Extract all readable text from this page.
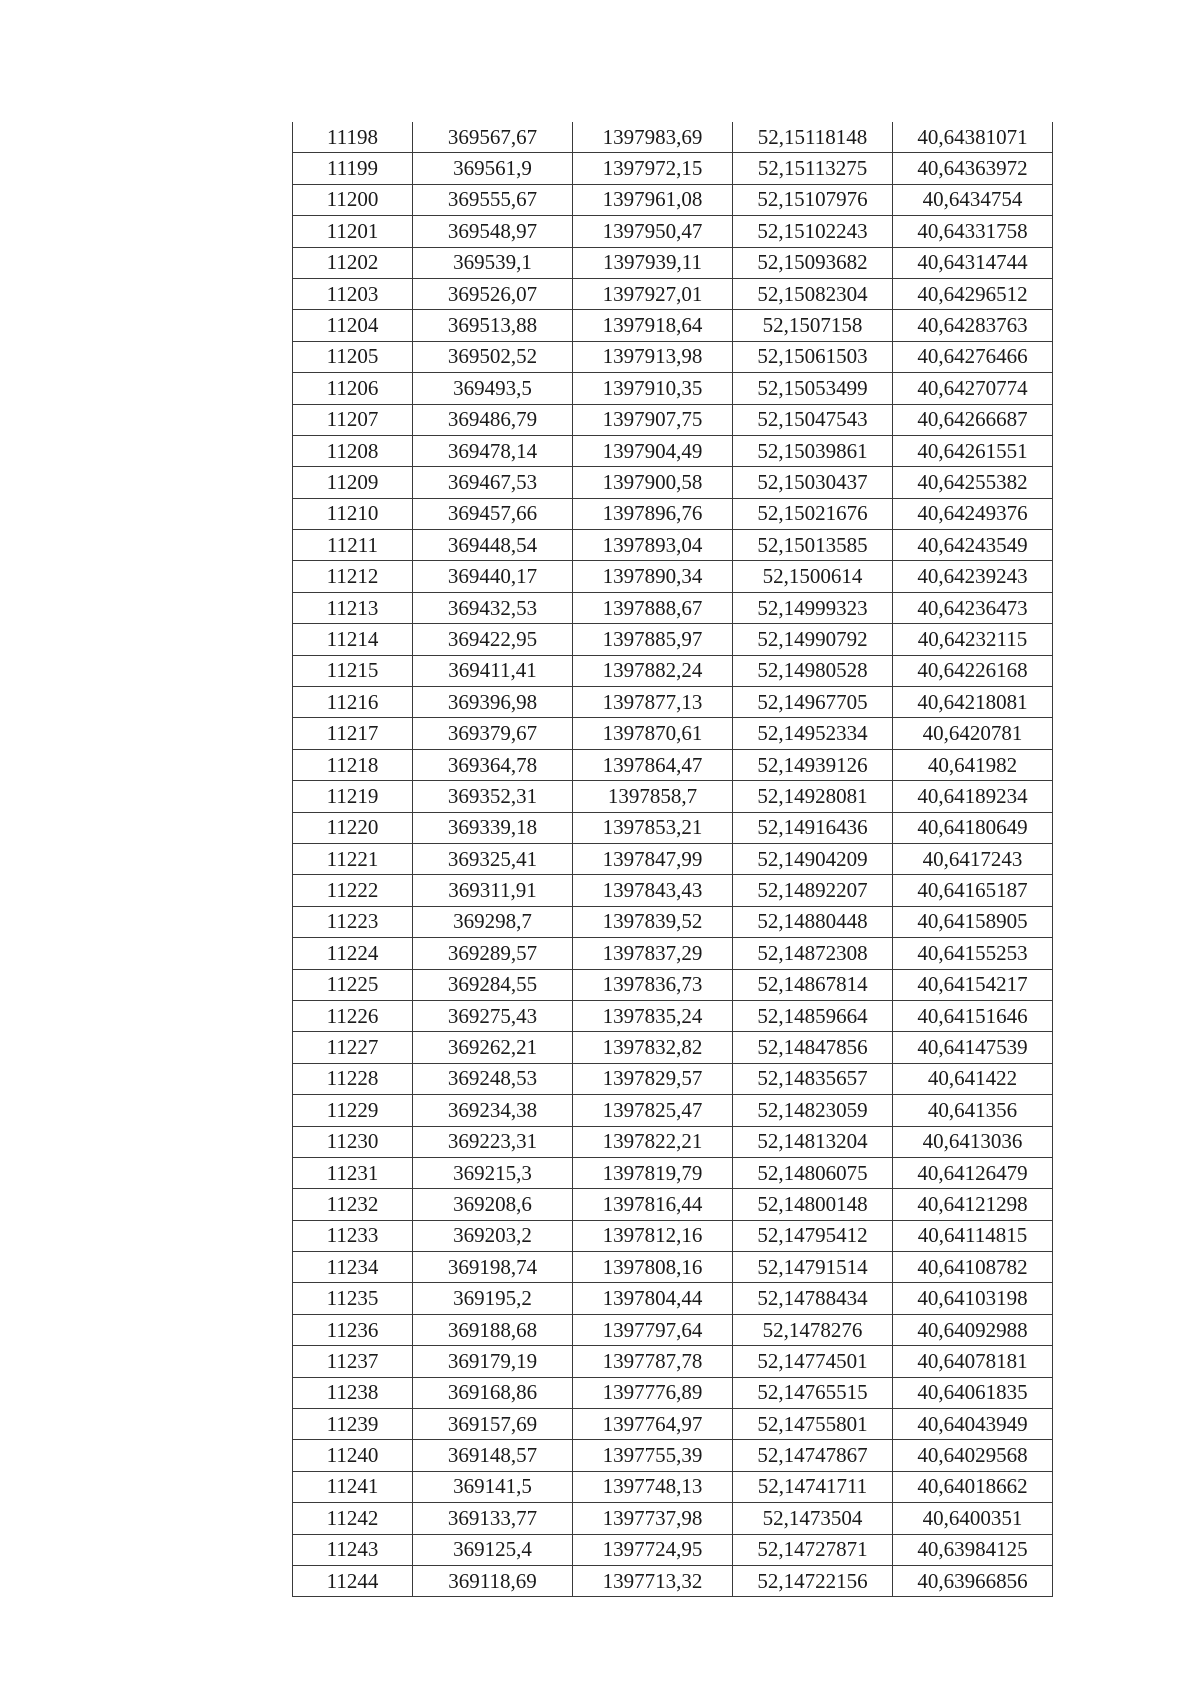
11198	369567,67	1397983,69	52,15118148	40,64381071
11199	369561,9	1397972,15	52,15113275	40,64363972
11200	369555,67	1397961,08	52,15107976	40,6434754
11201	369548,97	1397950,47	52,15102243	40,64331758
11202	369539,1	1397939,11	52,15093682	40,64314744
11203	369526,07	1397927,01	52,15082304	40,64296512
11204	369513,88	1397918,64	52,1507158	40,64283763
11205	369502,52	1397913,98	52,15061503	40,64276466
11206	369493,5	1397910,35	52,15053499	40,64270774
11207	369486,79	1397907,75	52,15047543	40,64266687
11208	369478,14	1397904,49	52,15039861	40,64261551
11209	369467,53	1397900,58	52,15030437	40,64255382
11210	369457,66	1397896,76	52,15021676	40,64249376
11211	369448,54	1397893,04	52,15013585	40,64243549
11212	369440,17	1397890,34	52,1500614	40,64239243
11213	369432,53	1397888,67	52,14999323	40,64236473
11214	369422,95	1397885,97	52,14990792	40,64232115
11215	369411,41	1397882,24	52,14980528	40,64226168
11216	369396,98	1397877,13	52,14967705	40,64218081
11217	369379,67	1397870,61	52,14952334	40,6420781
11218	369364,78	1397864,47	52,14939126	40,641982
11219	369352,31	1397858,7	52,14928081	40,64189234
11220	369339,18	1397853,21	52,14916436	40,64180649
11221	369325,41	1397847,99	52,14904209	40,6417243
11222	369311,91	1397843,43	52,14892207	40,64165187
11223	369298,7	1397839,52	52,14880448	40,64158905
11224	369289,57	1397837,29	52,14872308	40,64155253
11225	369284,55	1397836,73	52,14867814	40,64154217
11226	369275,43	1397835,24	52,14859664	40,64151646
11227	369262,21	1397832,82	52,14847856	40,64147539
11228	369248,53	1397829,57	52,14835657	40,641422
11229	369234,38	1397825,47	52,14823059	40,641356
11230	369223,31	1397822,21	52,14813204	40,6413036
11231	369215,3	1397819,79	52,14806075	40,64126479
11232	369208,6	1397816,44	52,14800148	40,64121298
11233	369203,2	1397812,16	52,14795412	40,64114815
11234	369198,74	1397808,16	52,14791514	40,64108782
11235	369195,2	1397804,44	52,14788434	40,64103198
11236	369188,68	1397797,64	52,1478276	40,64092988
11237	369179,19	1397787,78	52,14774501	40,64078181
11238	369168,86	1397776,89	52,14765515	40,64061835
11239	369157,69	1397764,97	52,14755801	40,64043949
11240	369148,57	1397755,39	52,14747867	40,64029568
11241	369141,5	1397748,13	52,14741711	40,64018662
11242	369133,77	1397737,98	52,1473504	40,6400351
11243	369125,4	1397724,95	52,14727871	40,63984125
11244	369118,69	1397713,32	52,14722156	40,63966856
